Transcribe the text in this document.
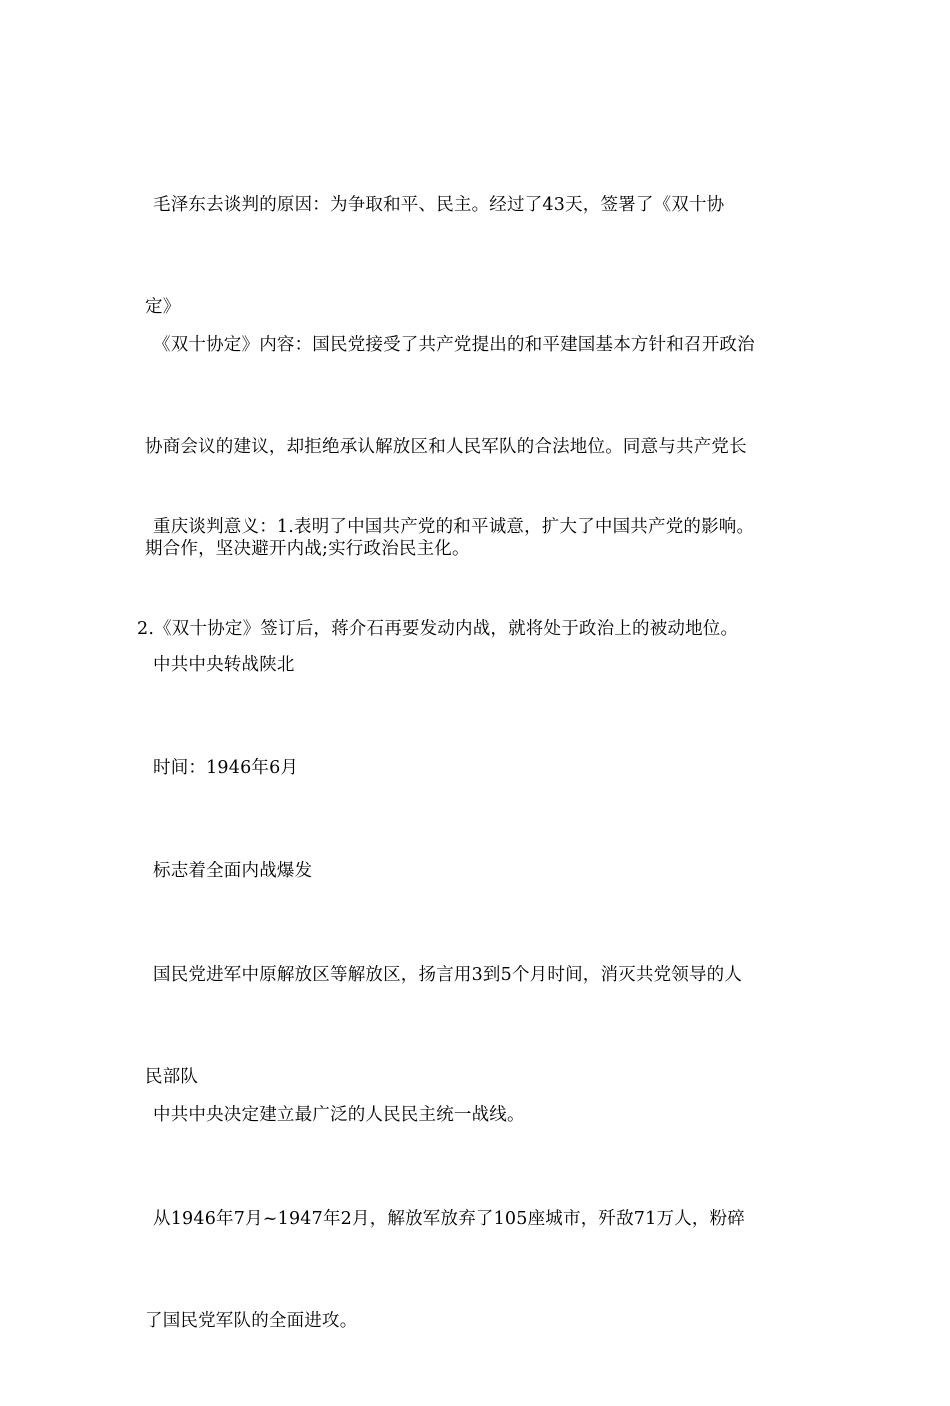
毛泽东去谈判的原因：为争取和平、民主。经过了43天，签署了《双十协

定》

《双十协定》内容：国民党接受了共产党提出的和平建国基本方针和召开政治

协商会议的建议，却拒绝承认解放区和人民军队的合法地位。同意与共产党长

期合作，坚决避开内战;实行政治民主化。

重庆谈判意义：1.表明了中国共产党的和平诚意，扩大了中国共产党的影响。

2.《双十协定》签订后，蒋介石再要发动内战，就将处于政治上的被动地位。

中共中央转战陕北

时间：1946年6月

标志着全面内战爆发

国民党进军中原解放区等解放区，扬言用3到5个月时间，消灭共党领导的人

民部队

中共中央决定建立最广泛的人民民主统一战线。

从1946年7月~1947年2月，解放军放弃了105座城市，歼敌71万人，粉碎

了国民党军队的全面进攻。
